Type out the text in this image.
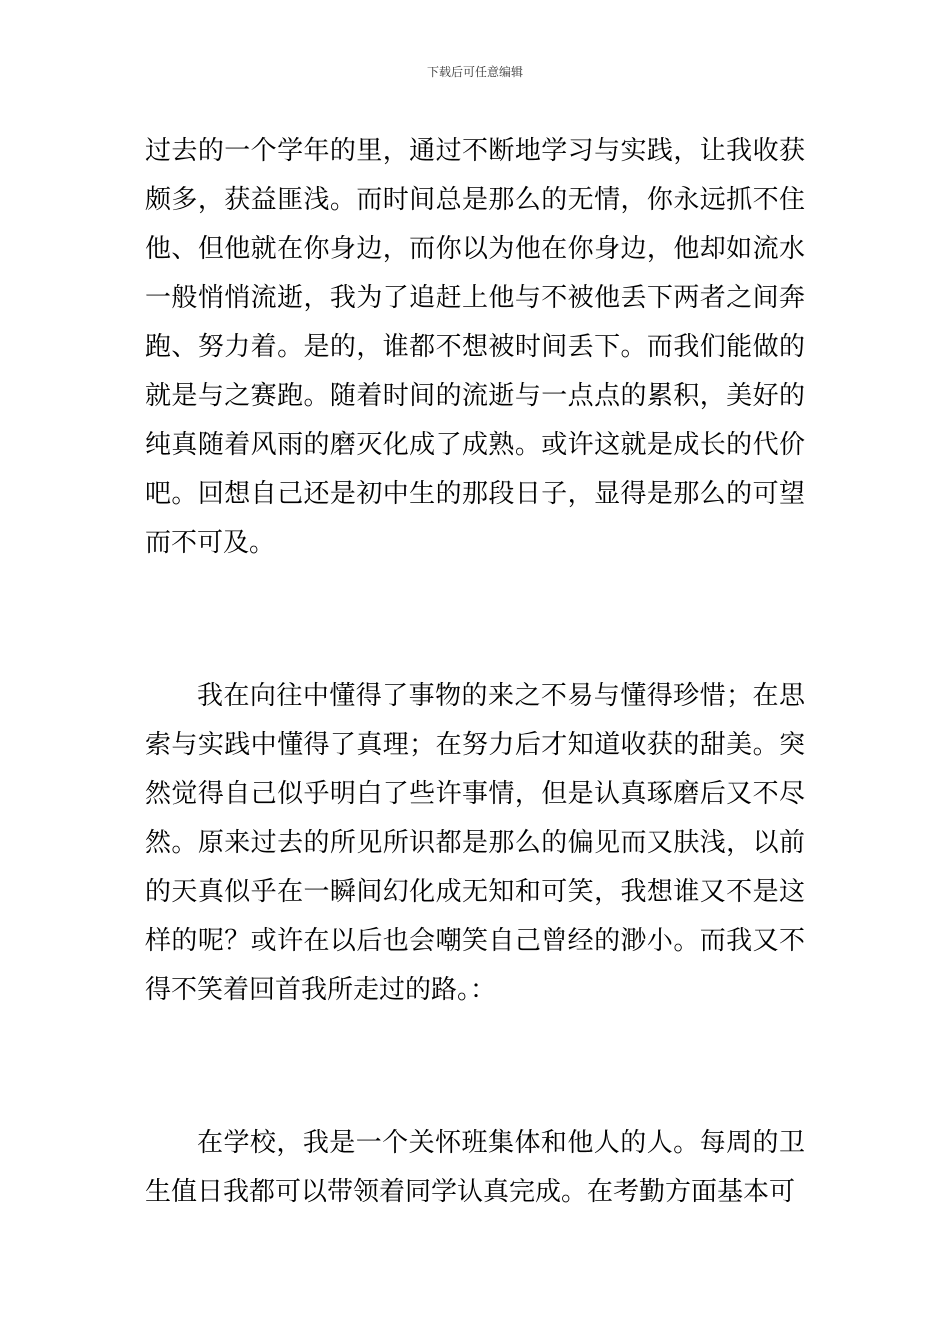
下载后可任意编辑

过去的一个学年的里，通过不断地学习与实践，让我收获颇多，获益匪浅。而时间总是那么的无情，你永远抓不住他、但他就在你身边，而你以为他在你身边，他却如流水一般悄悄流逝，我为了追赶上他与不被他丢下两者之间奔跑、努力着。是的，谁都不想被时间丢下。而我们能做的就是与之赛跑。随着时间的流逝与一点点的累积，美好的纯真随着风雨的磨灭化成了成熟。或许这就是成长的代价吧。回想自己还是初中生的那段日子，显得是那么的可望而不可及。

我在向往中懂得了事物的来之不易与懂得珍惜；在思索与实践中懂得了真理；在努力后才知道收获的甜美。突然觉得自己似乎明白了些许事情，但是认真琢磨后又不尽然。原来过去的所见所识都是那么的偏见而又肤浅，以前的天真似乎在一瞬间幻化成无知和可笑，我想谁又不是这样的呢？或许在以后也会嘲笑自己曾经的渺小。而我又不得不笑着回首我所走过的路。：

在学校，我是一个关怀班集体和他人的人。每周的卫生值日我都可以带领着同学认真完成。在考勤方面基本可
